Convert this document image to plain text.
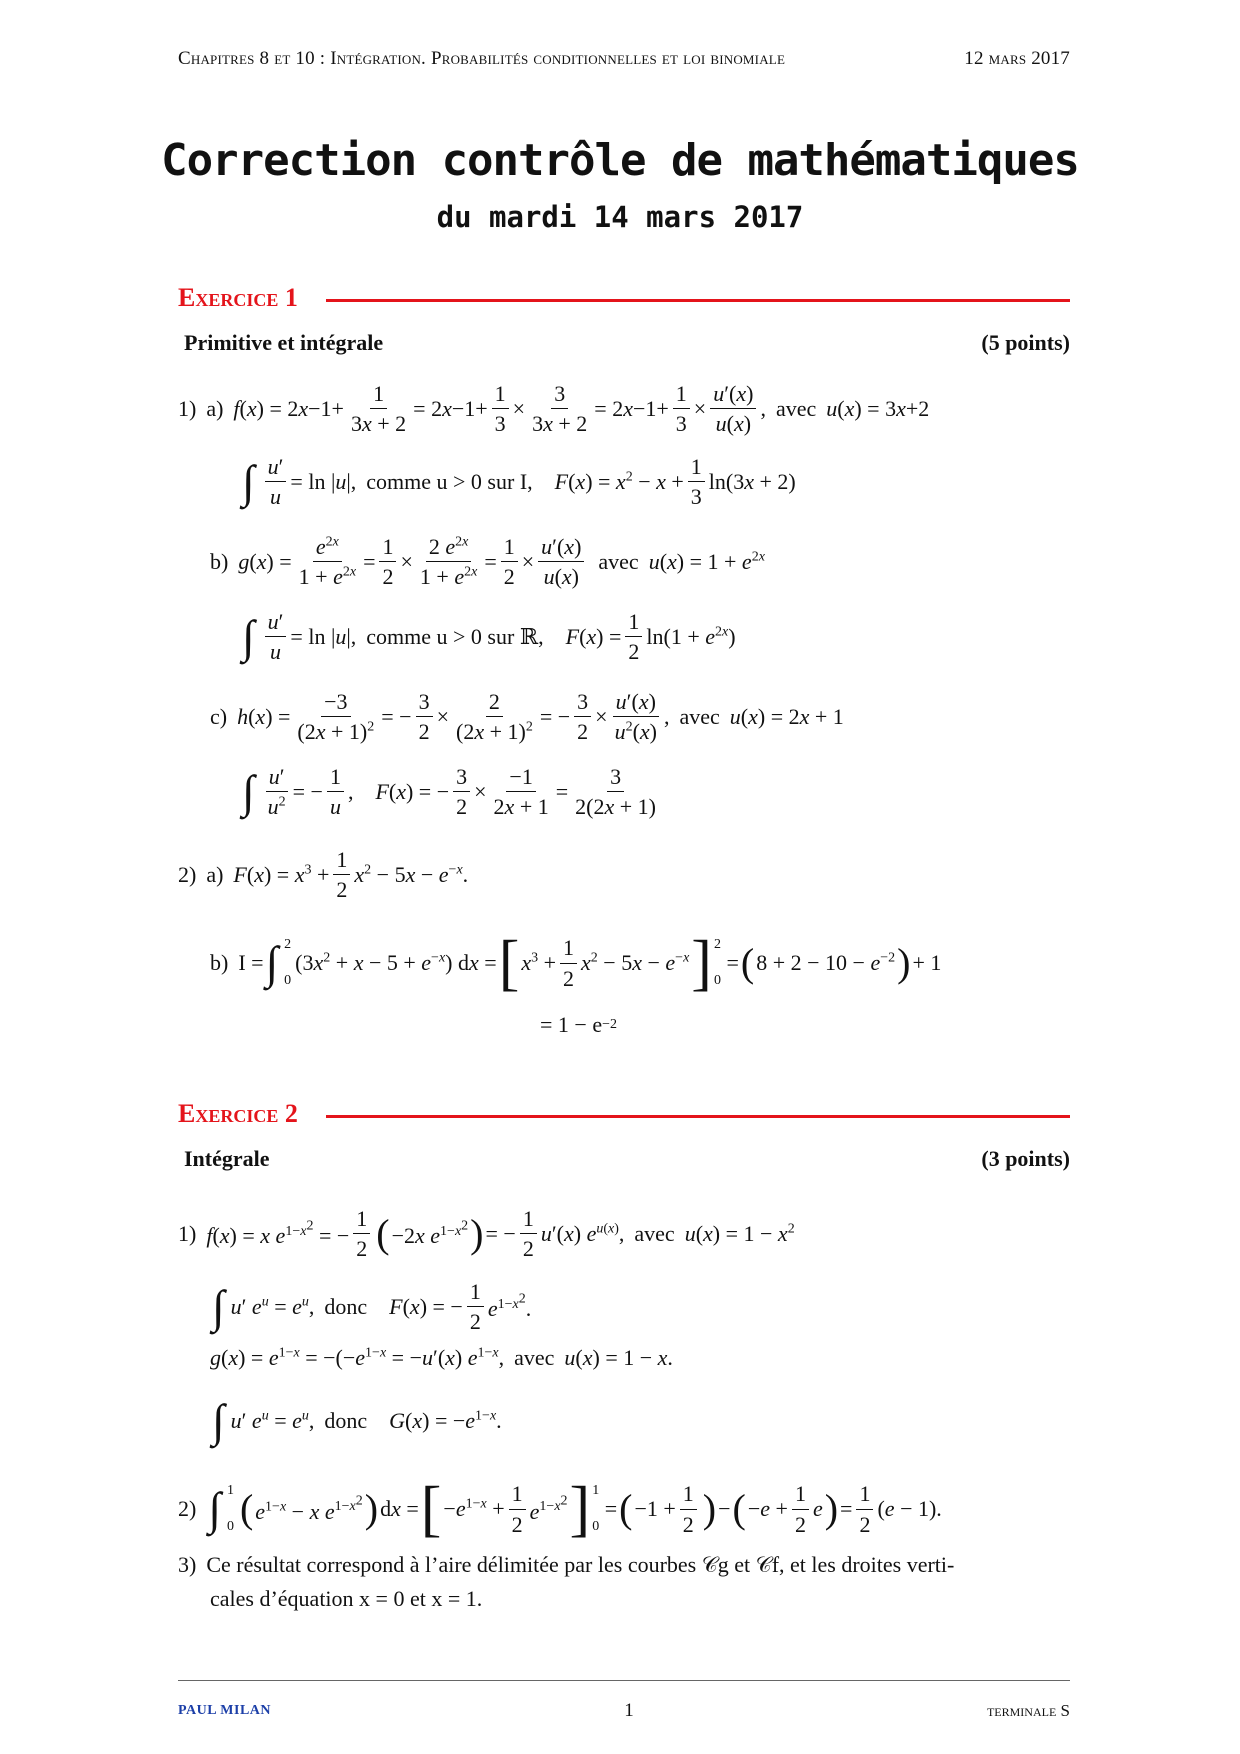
Chapitres 8 et 10 : Intégration. Probabilités conditionnelles et loi binomiale	12 mars 2017
Correction contrôle de mathématiques
du mardi 14 mars 2017
Exercice 1
Primitive et intégrale	(5 points)
1) a) $f(x) = 2x-1+ \frac{1}{3x + 2} = 2x-1+ \frac{1}{3} \times \frac{3}{3x + 2} = 2x-1+ \frac{1}{3} \times \frac{u'(x)}{u(x)}$ , avec u(x) = 3x+2
∫ $\frac{u'}{u} = \ln |u|$, comme u > 0 sur I, $F(x) = x^2 - x + \frac{1}{3} \ln(3x + 2)$
b) $g(x) = \frac{e^{2x}}{1 + e^{2x}} = \frac{1}{2} \times \frac{2 e^{2x}}{1 + e^{2x}} = \frac{1}{2} \times \frac{u'(x)}{u(x)}$ avec $u(x) = 1 + e^{2x}$
∫ $\frac{u'}{u} = \ln |u|$, comme u > 0 sur ℝ, $F(x) = \frac{1}{2} \ln(1 + e^{2x})$
c) $h(x) = \frac{-3}{(2x + 1)^2}$ = − $\frac{3}{2} \times \frac{2}{(2x + 1)^2}$ = − $\frac{3}{2} \times \frac{u'(x)}{u^2(x)}$ , avec u(x) = 2x + 1
∫ $\frac{u'}{u^2}$ = − $\frac{1}{u}$ , F(x) = − $\frac{3}{2} \times \frac{-1}{2x + 1} = \frac{3}{2(2x + 1)}$
2) a) $F(x) = x^3 + \frac{1}{2} x^2 - 5x - e^{-x}$.
b) I = ∫ 2
0
$(3x^2 + x - 5 + e^{-x})$ dx = [ $x^3 + \frac{1}{2} x^2 - 5x - e^{-x}$ ] 2
0
= ( $8 + 2 - 10 - e^{-2}$ ) + 1
= 1 − e −2
Exercice 2
Intégrale	(3 points)
1) f(x) = x $e^{1-x^2}$ = − $\frac{1}{2}$ ( −2x $e^{1-x^2}$ ) = − $\frac{1}{2} u'(x)$ $e^{u(x)}$, avec $u(x) = 1 - x^2$
∫ u′ $e^u = e^u$, donc F(x) = − $\frac{1}{2} e^{1-x^2}$.
$g(x) = e^{1-x} = -(-e^{1-x} = -u'(x)$ $e^{1-x}$, avec u(x) = 1 − x.
∫ u′ $e^u = e^u$, donc $G(x) = -e^{1-x}$.
2) ∫ 1
0 ( $e^{1-x} - x$ $e^{1-x^2}$ ) dx = [ $-e^{1-x} + \frac{1}{2} e^{1-x^2}$ ] 1
0
= ( $-1 + \frac{1}{2}$ ) − ( $-e + \frac{1}{2}$ e ) = $\frac{1}{2} (e - 1)$.
3) Ce résultat correspond à l’aire délimitée par les courbes 𝒞g et 𝒞f, et les droites verti-
cales d’équation x = 0 et x = 1.
PAUL MILAN	1	terminale S
